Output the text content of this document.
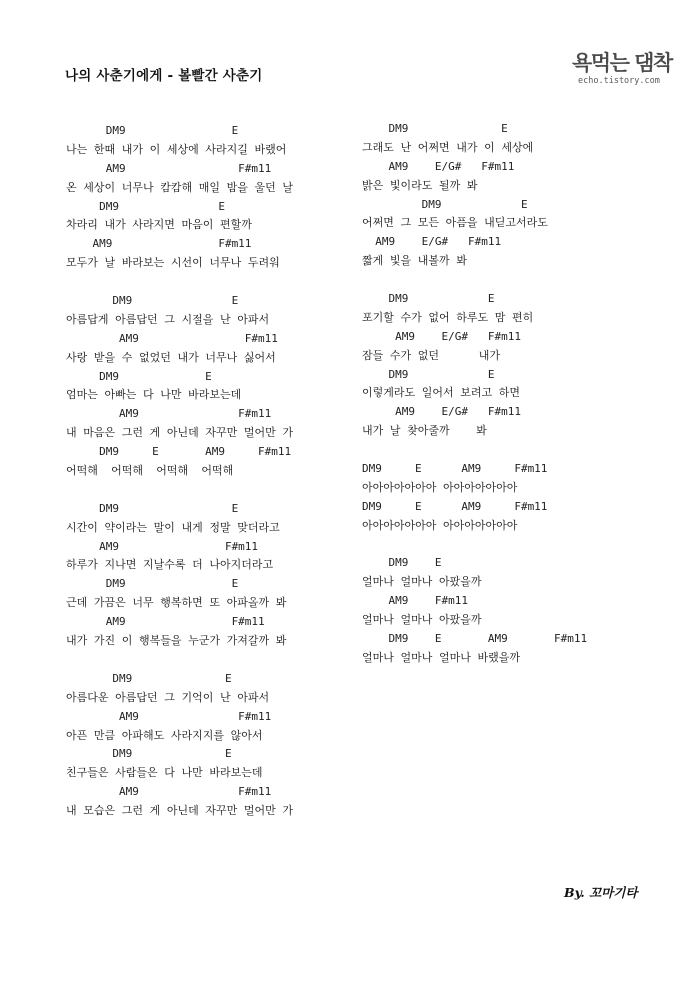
나의 사춘기에게 - 볼빨간 사춘기
욕먹는 댐착
echo.tistory.com
DM9                E
나는 한때 내가 이 세상에 사라지길 바랬어
AM9                 F#m11
온 세상이 너무나 캄캄해 매일 밤을 울던 날
DM9               E
차라리 내가 사라지면 마음이 편할까
AM9                F#m11
모두가 날 바라보는 시선이 너무나 두려워
DM9               E
아름답게 아름답던 그 시절을 난 아파서
AM9                F#m11
사랑 받을 수 없었던 내가 너무나 싫어서
DM9             E
엄마는 아빠는 다 나만 바라보는데
AM9               F#m11
내 마음은 그런 게 아닌데 자꾸만 멀어만 가
DM9     E       AM9     F#m11
어떡해  어떡해  어떡해  어떡해
DM9                 E
시간이 약이라는 말이 내게 정말 맞더라고
AM9                F#m11
하루가 지나면 지날수록 더 나아지더라고
DM9                E
근데 가끔은 너무 행복하면 또 아파올까 봐
AM9                F#m11
내가 가진 이 행복들을 누군가 가져갈까 봐
DM9              E
아름다운 아름답던 그 기억이 난 아파서
AM9               F#m11
아픈 만큼 아파해도 사라지지를 않아서
DM9              E
친구들은 사람들은 다 나만 바라보는데
AM9               F#m11
내 모습은 그런 게 아닌데 자꾸만 멀어만 가
DM9              E
그래도 난 어쩌면 내가 이 세상에
AM9    E/G#   F#m11
밝은 빛이라도 될까 봐
DM9            E
어쩌면 그 모든 아픔을 내딛고서라도
AM9    E/G#   F#m11
짧게 빛을 내볼까 봐
DM9            E
포기할 수가 없어 하루도 맘 편히
AM9    E/G#   F#m11
잠들 수가 없던      내가
DM9            E
이렇게라도 일어서 보려고 하면
AM9    E/G#   F#m11
내가 날 찾아줄까    봐
DM9     E      AM9     F#m11
아아아아아아아 아아아아아아아
DM9     E      AM9     F#m11
아아아아아아아 아아아아아아아
DM9    E
얼마나 얼마나 아팠을까
AM9    F#m11
얼마나 얼마나 아팠을까
DM9    E       AM9       F#m11
얼마나 얼마나 얼마나 바랬을까
By. 꼬마기타
